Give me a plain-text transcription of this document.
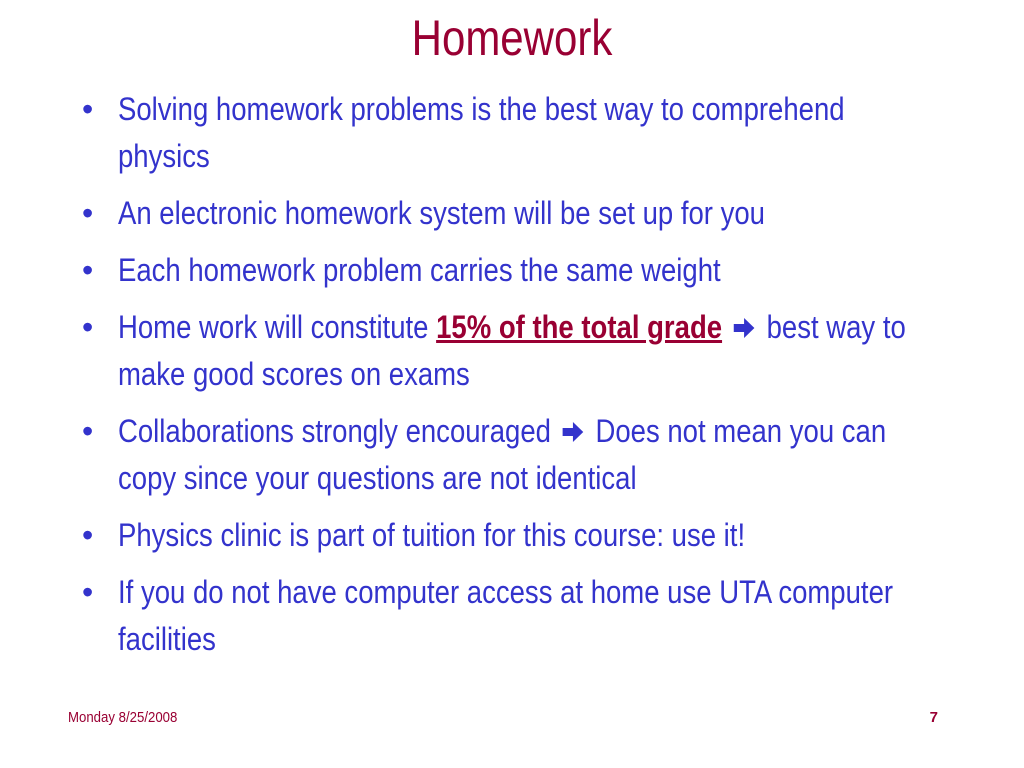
Homework
• Solving homework problems is the best way to comprehend physics
• An electronic homework system will be set up for you
• Each homework problem carries the same weight
• Home work will constitute 15% of the total grade  best way to make good scores on exams
• Collaborations strongly encouraged  Does not mean you can copy since your questions are not identical
• Physics clinic is part of tuition for this course: use it!
• If you do not have computer access at home use UTA computer facilities
Monday 8/25/2008	7
